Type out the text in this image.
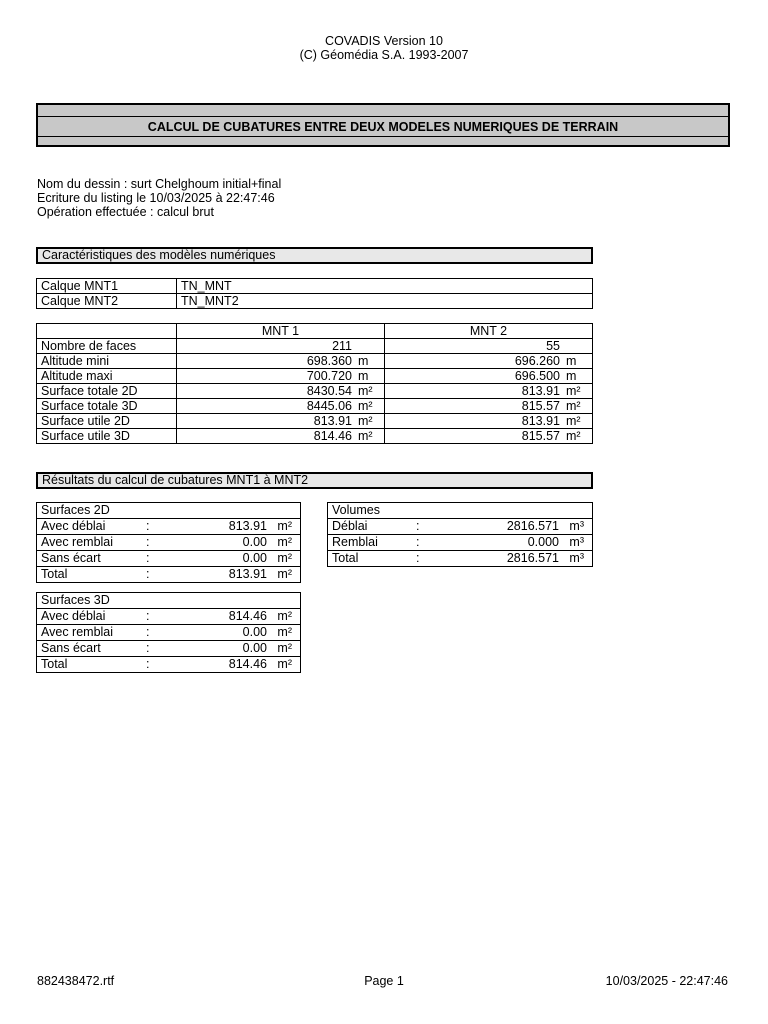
COVADIS Version 10
(C) Géomédia S.A. 1993-2007
CALCUL DE CUBATURES ENTRE DEUX MODELES NUMERIQUES DE TERRAIN
Nom du dessin : surt Chelghoum initial+final
Ecriture du listing le 10/03/2025 à 22:47:46
Opération effectuée : calcul brut
Caractéristiques des modèles numériques
Calque MNT1	TN_MNT
Calque MNT2	TN_MNT2
	MNT 1	MNT 2
Nombre de faces	211	55
Altitude mini	698.360 m	696.260 m
Altitude maxi	700.720 m	696.500 m
Surface totale 2D	8430.54 m²	813.91 m²
Surface totale 3D	8445.06 m²	815.57 m²
Surface utile 2D	813.91 m²	813.91 m²
Surface utile 3D	814.46 m²	815.57 m²
Résultats du calcul de cubatures MNT1 à MNT2
Surfaces 2D
Avec déblai	:	813.91 m²
Avec remblai	:	0.00 m²
Sans écart	:	0.00 m²
Total	:	813.91 m²
Volumes
Déblai	:	2816.571 m³
Remblai	:	0.000 m³
Total	:	2816.571 m³
Surfaces 3D
Avec déblai	:	814.46 m²
Avec remblai	:	0.00 m²
Sans écart	:	0.00 m²
Total	:	814.46 m²
882438472.rtf	Page 1	10/03/2025 - 22:47:46
